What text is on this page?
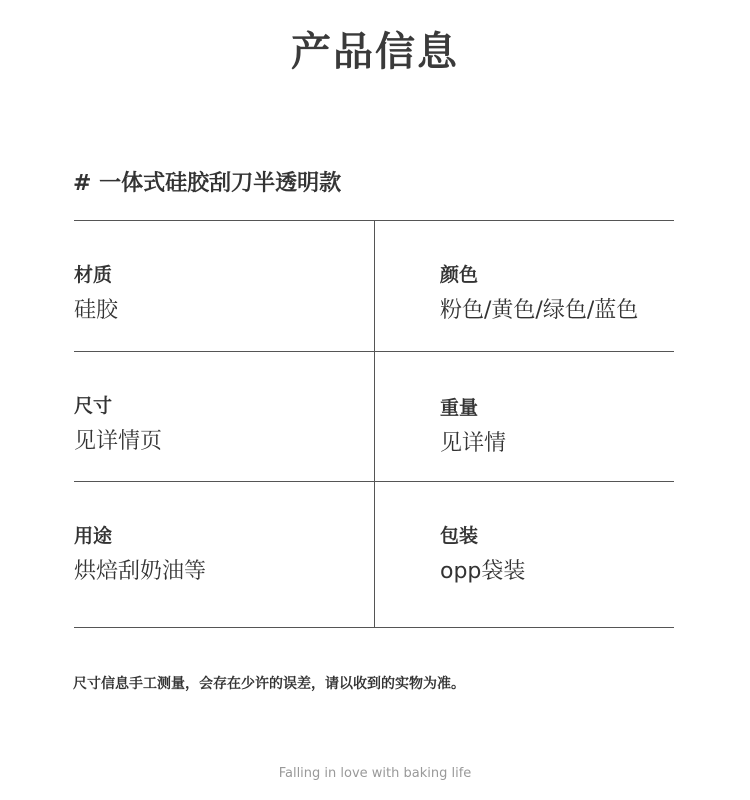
产品信息
# 一体式硅胶刮刀半透明款
材质
硅胶
颜色
粉色/黄色/绿色/蓝色
尺寸
见详情页
重量
见详情
用途
烘焙刮奶油等
包装
opp袋装
尺寸信息手工测量，会存在少许的误差，请以收到的实物为准。
Falling in love with baking life
